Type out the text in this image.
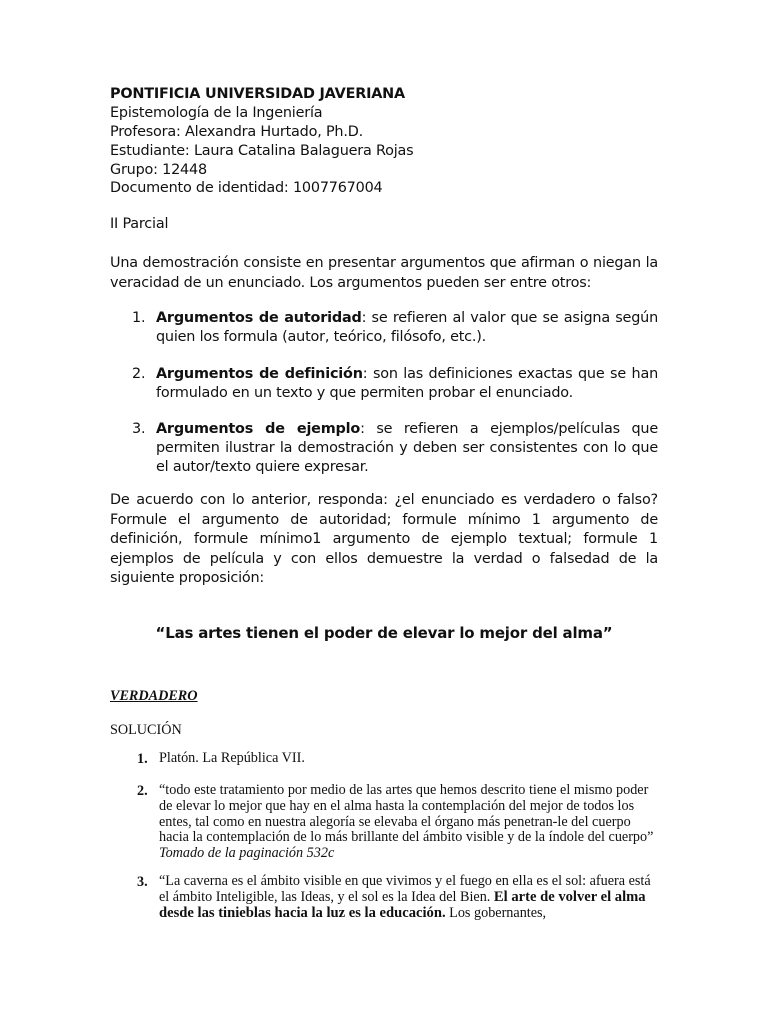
PONTIFICIA UNIVERSIDAD JAVERIANA
Epistemología de la Ingeniería
Profesora: Alexandra Hurtado, Ph.D.
Estudiante: Laura Catalina Balaguera Rojas
Grupo: 12448
Documento de identidad: 1007767004
II Parcial
Una demostración consiste en presentar argumentos que afirman o niegan la veracidad de un enunciado. Los argumentos pueden ser entre otros:
1. Argumentos de autoridad: se refieren al valor que se asigna según quien los formula (autor, teórico, filósofo, etc.).
2. Argumentos de definición: son las definiciones exactas que se han formulado en un texto y que permiten probar el enunciado.
3. Argumentos de ejemplo: se refieren a ejemplos/películas que permiten ilustrar la demostración y deben ser consistentes con lo que el autor/texto quiere expresar.
De acuerdo con lo anterior, responda: ¿el enunciado es verdadero o falso? Formule el argumento de autoridad; formule mínimo 1 argumento de definición, formule mínimo1 argumento de ejemplo textual; formule 1 ejemplos de película y con ellos demuestre la verdad o falsedad de la siguiente proposición:
“Las artes tienen el poder de elevar lo mejor del alma”
VERDADERO
SOLUCIÓN
1. Platón. La República VII.
2. “todo este tratamiento por medio de las artes que hemos descrito tiene el mismo poder de elevar lo mejor que hay en el alma hasta la contemplación del mejor de todos los entes, tal como en nuestra alegoría se elevaba el órgano más penetran-le del cuerpo hacia la contemplación de lo más brillante del ámbito visible y de la índole del cuerpo” Tomado de la paginación 532c
3. “La caverna es el ámbito visible en que vivimos y el fuego en ella es el sol: afuera está el ámbito Inteligible, las Ideas, y el sol es la Idea del Bien. El arte de volver el alma desde las tinieblas hacia la luz es la educación. Los gobernantes,
